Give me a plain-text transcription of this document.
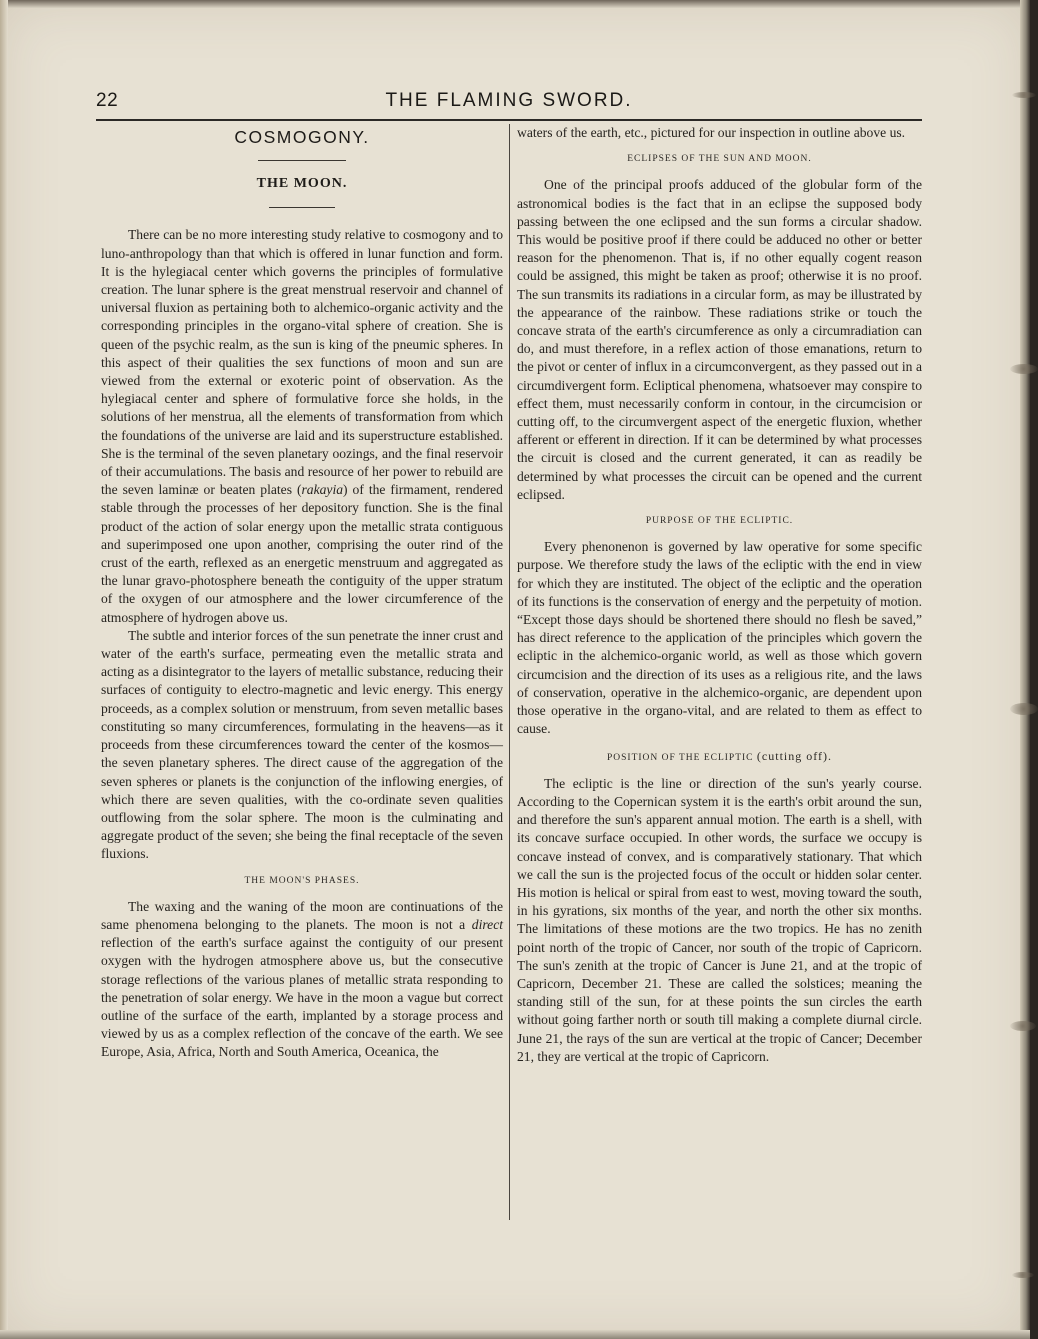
22	THE FLAMING SWORD.
COSMOGONY.
THE MOON.

There can be no more interesting study relative to cosmogony and to luno-anthropology than that which is offered in lunar function and form. It is the hylegiacal center which governs the principles of formulative creation. The lunar sphere is the great menstrual reservoir and channel of universal fluxion as pertaining both to alchemico-organic activity and the corresponding principles in the organo-vital sphere of creation. She is queen of the psychic realm, as the sun is king of the pneumic spheres. In this aspect of their qualities the sex functions of moon and sun are viewed from the external or exoteric point of observation. As the hylegiacal center and sphere of formulative force she holds, in the solutions of her menstrua, all the elements of transformation from which the foundations of the universe are laid and its superstructure established. She is the terminal of the seven planetary oozings, and the final reservoir of their accumulations. The basis and resource of her power to rebuild are the seven laminæ or beaten plates (rakayia) of the firmament, rendered stable through the processes of her depository function. She is the final product of the action of solar energy upon the metallic strata contiguous and superimposed one upon another, comprising the outer rind of the crust of the earth, reflexed as an energetic menstruum and aggregated as the lunar gravo-photosphere beneath the contiguity of the upper stratum of the oxygen of our atmosphere and the lower circumference of the atmosphere of hydrogen above us.

The subtle and interior forces of the sun penetrate the inner crust and water of the earth's surface, permeating even the metallic strata and acting as a disintegrator to the layers of metallic substance, reducing their surfaces of contiguity to electro-magnetic and levic energy. This energy proceeds, as a complex solution or menstruum, from seven metallic bases constituting so many circumferences, formulating in the heavens—as it proceeds from these circumferences toward the center of the kosmos—the seven planetary spheres. The direct cause of the aggregation of the seven spheres or planets is the conjunction of the inflowing energies, of which there are seven qualities, with the co-ordinate seven qualities outflowing from the solar sphere. The moon is the culminating and aggregate product of the seven; she being the final receptacle of the seven fluxions.

THE MOON'S PHASES.

The waxing and the waning of the moon are continuations of the same phenomena belonging to the planets. The moon is not a direct reflection of the earth's surface against the contiguity of our present oxygen with the hydrogen atmosphere above us, but the consecutive storage reflections of the various planes of metallic strata responding to the penetration of solar energy. We have in the moon a vague but correct outline of the surface of the earth, implanted by a storage process and viewed by us as a complex reflection of the concave of the earth. We see Europe, Asia, Africa, North and South America, Oceanica, the

waters of the earth, etc., pictured for our inspection in outline above us.

ECLIPSES OF THE SUN AND MOON.

One of the principal proofs adduced of the globular form of the astronomical bodies is the fact that in an eclipse the supposed body passing between the one eclipsed and the sun forms a circular shadow. This would be positive proof if there could be adduced no other or better reason for the phenomenon. That is, if no other equally cogent reason could be assigned, this might be taken as proof; otherwise it is no proof. The sun transmits its radiations in a circular form, as may be illustrated by the appearance of the rainbow. These radiations strike or touch the concave strata of the earth's circumference as only a circumradiation can do, and must therefore, in a reflex action of those emanations, return to the pivot or center of influx in a circumconvergent, as they passed out in a circumdivergent form. Ecliptical phenomena, whatsoever may conspire to effect them, must necessarily conform in contour, in the circumcision or cutting off, to the circumvergent aspect of the energetic fluxion, whether afferent or efferent in direction. If it can be determined by what processes the circuit is closed and the current generated, it can as readily be determined by what processes the circuit can be opened and the current eclipsed.

PURPOSE OF THE ECLIPTIC.

Every phenonenon is governed by law operative for some specific purpose. We therefore study the laws of the ecliptic with the end in view for which they are instituted. The object of the ecliptic and the operation of its functions is the conservation of energy and the perpetuity of motion. “Except those days should be shortened there should no flesh be saved,” has direct reference to the application of the principles which govern the ecliptic in the alchemico-organic world, as well as those which govern circumcision and the direction of its uses as a religious rite, and the laws of conservation, operative in the alchemico-organic, are dependent upon those operative in the organo-vital, and are related to them as effect to cause.

POSITION OF THE ECLIPTIC (cutting off).

The ecliptic is the line or direction of the sun's yearly course. According to the Copernican system it is the earth's orbit around the sun, and therefore the sun's apparent annual motion. The earth is a shell, with its concave surface occupied. In other words, the surface we occupy is concave instead of convex, and is comparatively stationary. That which we call the sun is the projected focus of the occult or hidden solar center. His motion is helical or spiral from east to west, moving toward the south, in his gyrations, six months of the year, and north the other six months. The limitations of these motions are the two tropics. He has no zenith point north of the tropic of Cancer, nor south of the tropic of Capricorn. The sun's zenith at the tropic of Cancer is June 21, and at the tropic of Capricorn, December 21. These are called the solstices; meaning the standing still of the sun, for at these points the sun circles the earth without going farther north or south till making a complete diurnal circle. June 21, the rays of the sun are vertical at the tropic of Cancer; December 21, they are vertical at the tropic of Capricorn.
